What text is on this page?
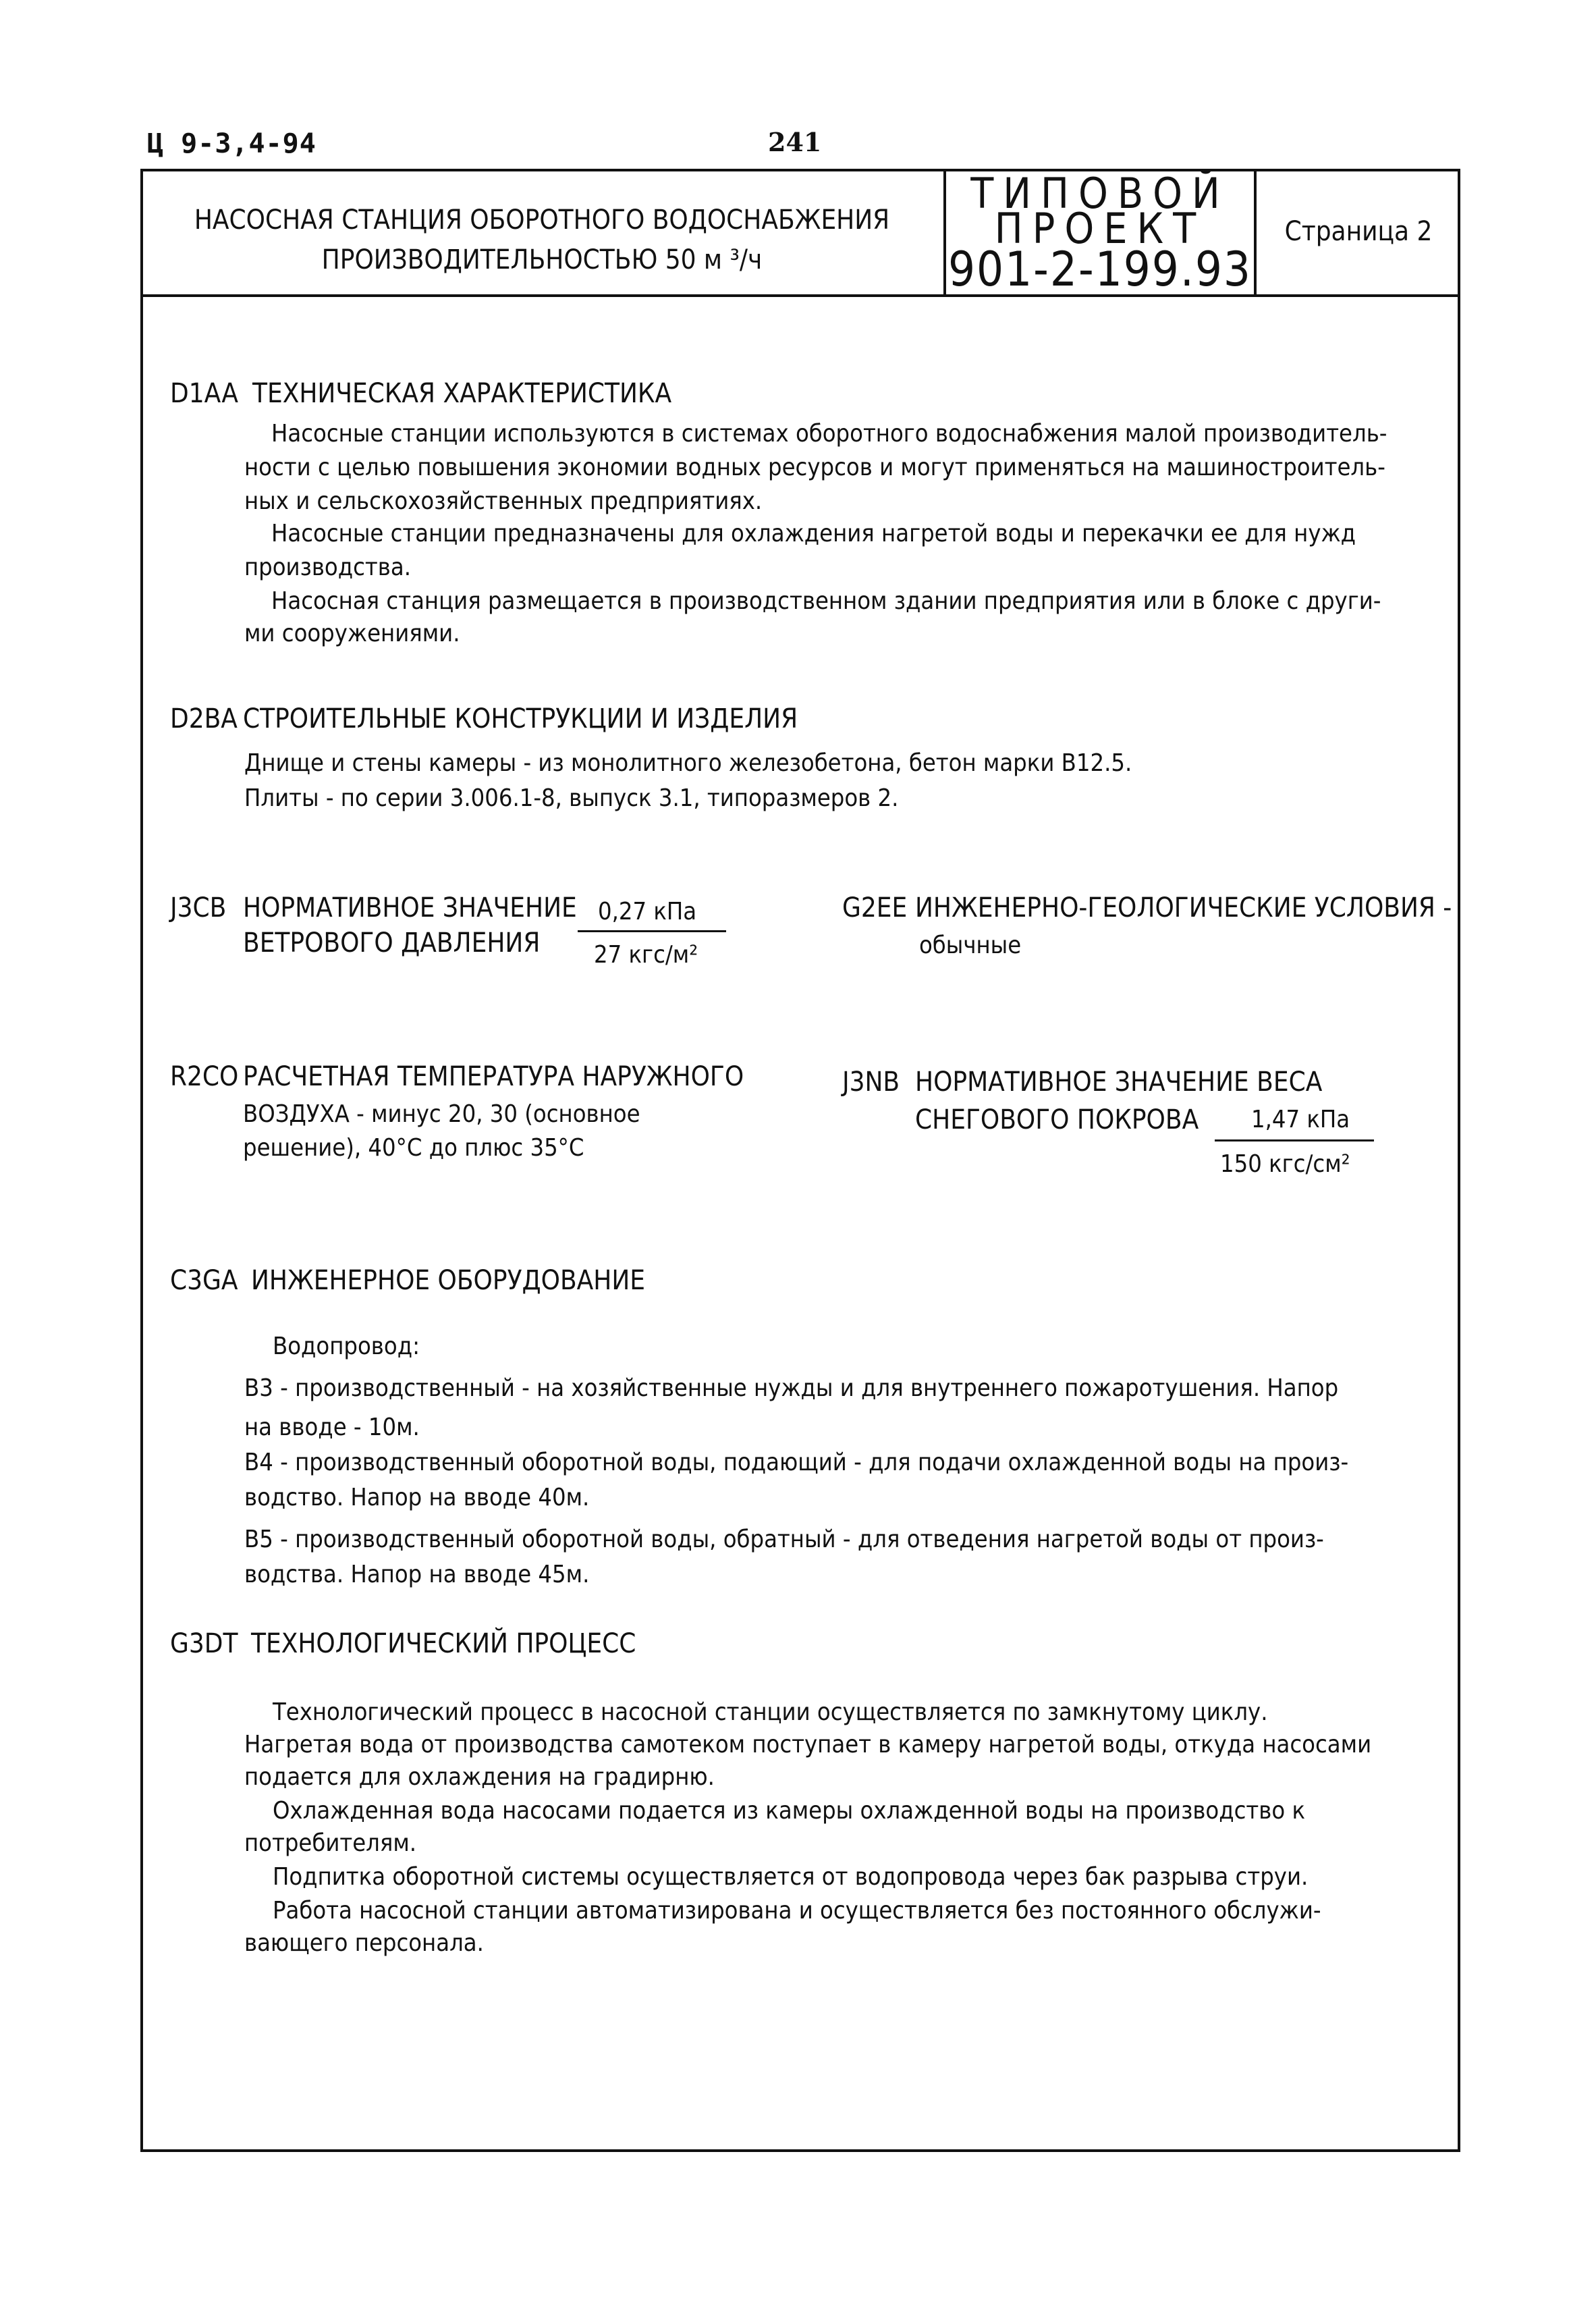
Ц 9-3,4-94	241
НАСОСНАЯ СТАНЦИЯ ОБОРОТНОГО ВОДОСНАБЖЕНИЯ
ПРОИЗВОДИТЕЛЬНОСТЬЮ 50 м ³/ч
ТИПОВОЙ
ПРОЕКТ
901-2-199.93
Страница 2
D1AA ТЕХНИЧЕСКАЯ ХАРАКТЕРИСТИКА
Насосные станции используются в системах оборотного водоснабжения малой производитель-
ности с целью повышения экономии водных ресурсов и могут применяться на машиностроитель-
ных и сельскохозяйственных предприятиях.
Насосные станции предназначены для охлаждения нагретой воды и перекачки ее для нужд
производства.
Насосная станция размещается в производственном здании предприятия или в блоке с други-
ми сооружениями.
D2BA СТРОИТЕЛЬНЫЕ КОНСТРУКЦИИ И ИЗДЕЛИЯ
Днище и стены камеры - из монолитного железобетона, бетон марки В12.5.
Плиты - по серии 3.006.1-8, выпуск 3.1, типоразмеров 2.
J3CB НОРМАТИВНОЕ ЗНАЧЕНИЕ
ВЕТРОВОГО ДАВЛЕНИЯ
0,27 кПа
27 кгс/м²
G2EE ИНЖЕНЕРНО-ГЕОЛОГИЧЕСКИЕ УСЛОВИЯ -
обычные
R2CO РАСЧЕТНАЯ ТЕМПЕРАТУРА НАРУЖНОГО
ВОЗДУХА - минус 20, 30 (основное
решение), 40°С до плюс 35°С
J3NB НОРМАТИВНОЕ ЗНАЧЕНИЕ ВЕСА
СНЕГОВОГО ПОКРОВА 1,47 кПа
150 кгс/см²
C3GA ИНЖЕНЕРНОЕ ОБОРУДОВАНИЕ
Водопровод:
В3 - производственный - на хозяйственные нужды и для внутреннего пожаротушения. Напор
на вводе - 10м.
В4 - производственный оборотной воды, подающий - для подачи охлажденной воды на произ-
водство. Напор на вводе 40м.
В5 - производственный оборотной воды, обратный - для отведения нагретой воды от произ-
водства. Напор на вводе 45м.
G3DT ТЕХНОЛОГИЧЕСКИЙ ПРОЦЕСС
Технологический процесс в насосной станции осуществляется по замкнутому циклу.
Нагретая вода от производства самотеком поступает в камеру нагретой воды, откуда насосами
подается для охлаждения на градирню.
Охлажденная вода насосами подается из камеры охлажденной воды на производство к
потребителям.
Подпитка оборотной системы осуществляется от водопровода через бак разрыва струи.
Работа насосной станции автоматизирована и осуществляется без постоянного обслужи-
вающего персонала.
